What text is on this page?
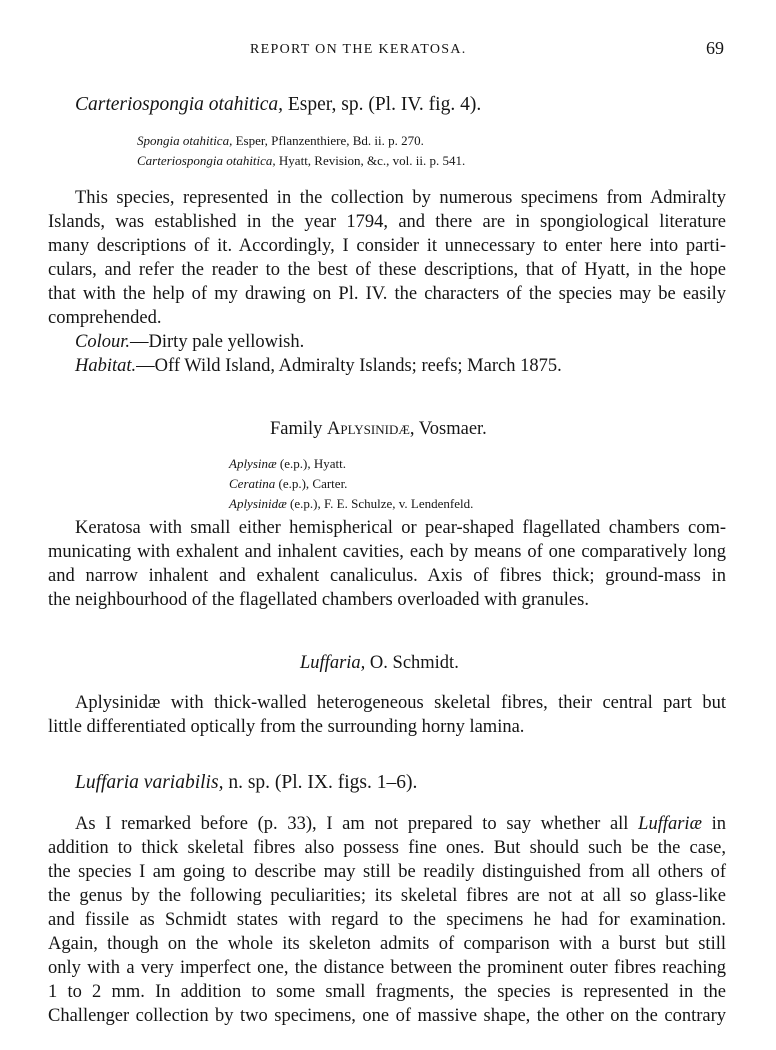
REPORT ON THE KERATOSA.	69
Carteriospongia otahitica, Esper, sp. (Pl. IV. fig. 4).
Spongia otahitica, Esper, Pflanzenthiere, Bd. ii. p. 270.
Carteriospongia otahitica, Hyatt, Revision, &c., vol. ii. p. 541.
This species, represented in the collection by numerous specimens from Admiralty
Islands, was established in the year 1794, and there are in spongiological literature
many descriptions of it. Accordingly, I consider it unnecessary to enter here into parti-
culars, and refer the reader to the best of these descriptions, that of Hyatt, in the hope
that with the help of my drawing on Pl. IV. the characters of the species may be easily
comprehended.
Colour.—Dirty pale yellowish.
Habitat.—Off Wild Island, Admiralty Islands; reefs; March 1875.
Family Aplysinidæ, Vosmaer.
Aplysinæ (e.p.), Hyatt.
Ceratina (e.p.), Carter.
Aplysinidæ (e.p.), F. E. Schulze, v. Lendenfeld.
Keratosa with small either hemispherical or pear-shaped flagellated chambers com-
municating with exhalent and inhalent cavities, each by means of one comparatively long
and narrow inhalent and exhalent canaliculus. Axis of fibres thick; ground-mass in
the neighbourhood of the flagellated chambers overloaded with granules.
Luffaria, O. Schmidt.
Aplysinidæ with thick-walled heterogeneous skeletal fibres, their central part but
little differentiated optically from the surrounding horny lamina.
Luffaria variabilis, n. sp. (Pl. IX. figs. 1–6).
As I remarked before (p. 33), I am not prepared to say whether all Luffariæ in
addition to thick skeletal fibres also possess fine ones. But should such be the case,
the species I am going to describe may still be readily distinguished from all others of
the genus by the following peculiarities; its skeletal fibres are not at all so glass-like
and fissile as Schmidt states with regard to the specimens he had for examination.
Again, though on the whole its skeleton admits of comparison with a burst but still
only with a very imperfect one, the distance between the prominent outer fibres reaching
1 to 2 mm. In addition to some small fragments, the species is represented in the
Challenger collection by two specimens, one of massive shape, the other on the contrary
